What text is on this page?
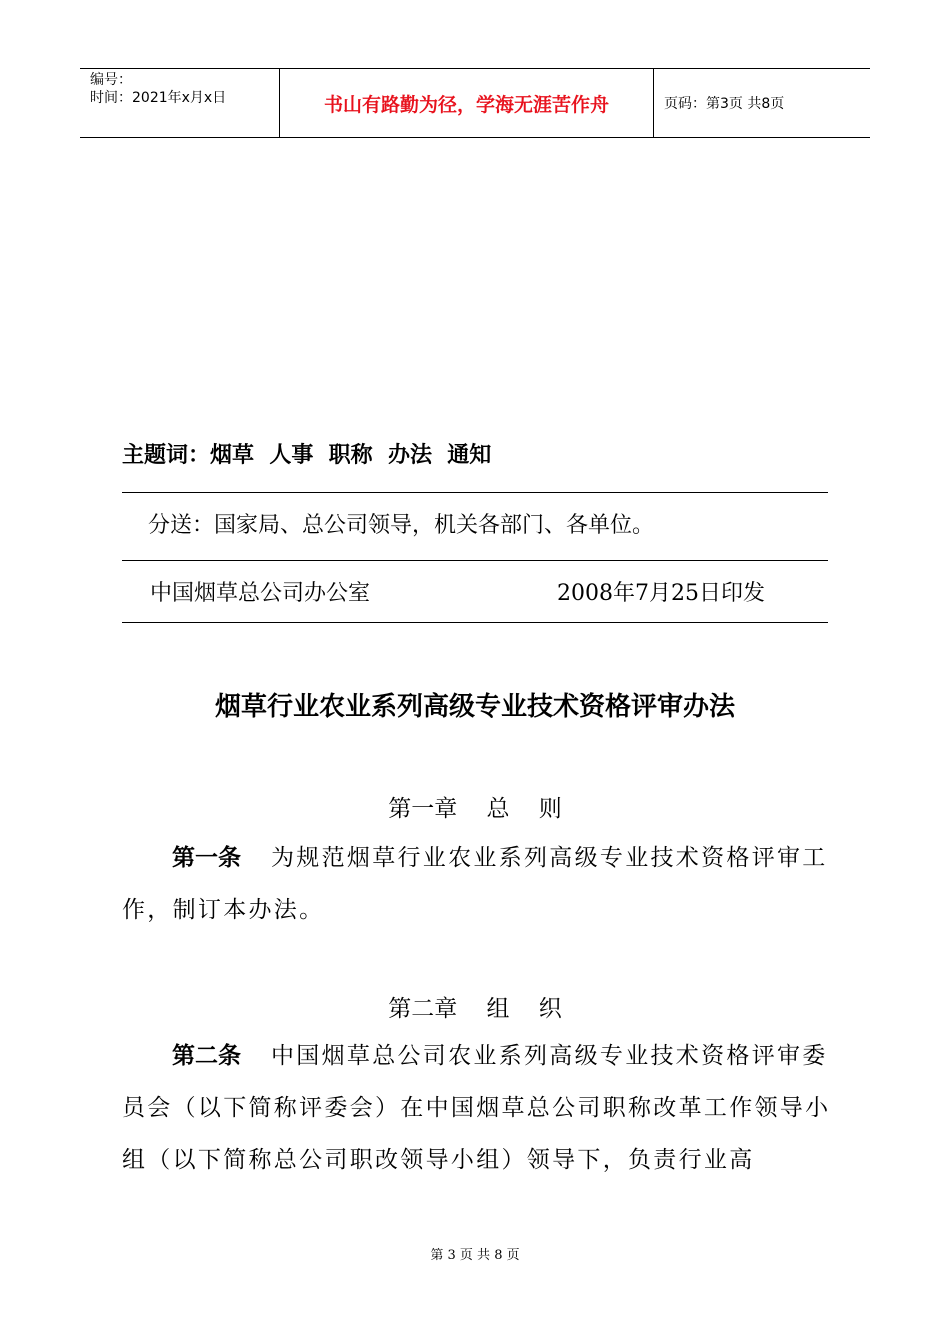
编号：
时间：2021年x月x日	书山有路勤为径，学海无涯苦作舟	页码：第3页 共8页
主题词：烟草  人事  职称  办法  通知
分送：国家局、总公司领导，机关各部门、各单位。
中国烟草总公司办公室	2008年7月25日印发
烟草行业农业系列高级专业技术资格评审办法
第一章    总    则
第一条 为规范烟草行业农业系列高级专业技术资格评审工作，制订本办法。
第二章    组    织
第二条 中国烟草总公司农业系列高级专业技术资格评审委员会（以下简称评委会）在中国烟草总公司职称改革工作领导小组（以下简称总公司职改领导小组）领导下，负责行业高
第 3 页 共 8 页
